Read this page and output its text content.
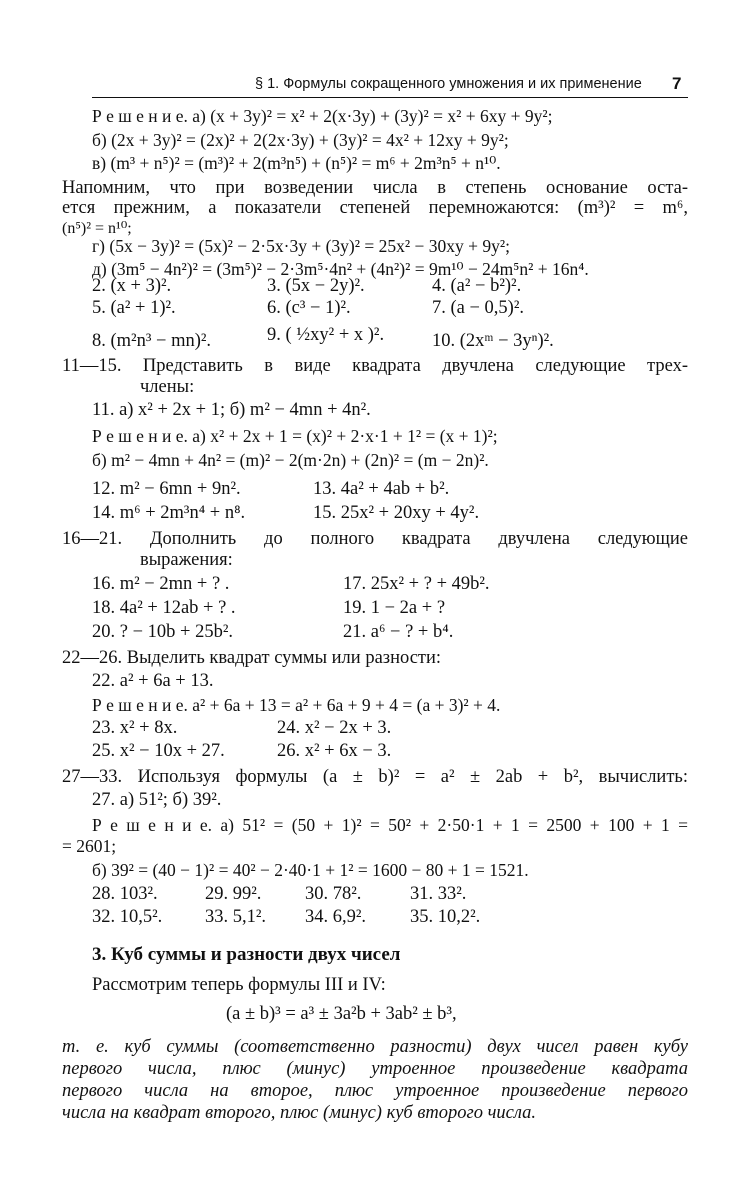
§ 1. Формулы сокращенного умножения и их применение 7
Р е ш е н и е. а) (x + 3y)² = x² + 2(x·3y) + (3y)² = x² + 6xy + 9y²;
б) (2x + 3y)² = (2x)² + 2(2x·3y) + (3y)² = 4x² + 12xy + 9y²;
в) (m³ + n⁵)² = (m³)² + 2(m³n⁵) + (n⁵)² = m⁶ + 2m³n⁵ + n¹⁰.
Напомним, что при возведении числа в степень основание оста-
ется прежним, а показатели степеней перемножаются: (m³)² = m⁶,
(n⁵)² = n¹⁰;
г) (5x − 3y)² = (5x)² − 2·5x·3y + (3y)² = 25x² − 30xy + 9y²;
д) (3m⁵ − 4n²)² = (3m⁵)² − 2·3m⁵·4n² + (4n²)² = 9m¹⁰ − 24m⁵n² + 16n⁴.
2. (x + 3)².	3. (5x − 2y)².	4. (a² − b²)².
5. (a² + 1)².	6. (c³ − 1)².	7. (a − 0,5)².
8. (m²n³ − mn)².	9. ( ½xy² + x )².	10. (2xᵐ − 3yⁿ)².
11—15. Представить в виде квадрата двучлена следующие трех-
члены:
11. а) x² + 2x + 1; б) m² − 4mn + 4n².
Р е ш е н и е. а) x² + 2x + 1 = (x)² + 2·x·1 + 1² = (x + 1)²;
б) m² − 4mn + 4n² = (m)² − 2(m·2n) + (2n)² = (m − 2n)².
12. m² − 6mn + 9n².	13. 4a² + 4ab + b².
14. m⁶ + 2m³n⁴ + n⁸.	15. 25x² + 20xy + 4y².
16—21. Дополнить до полного квадрата двучлена следующие
выражения:
16. m² − 2mn + ? .	17. 25x² + ? + 49b².
18. 4a² + 12ab + ? .	19. 1 − 2a + ?
20. ? − 10b + 25b².	21. a⁶ − ? + b⁴.
22—26. Выделить квадрат суммы или разности:
22. a² + 6a + 13.
Р е ш е н и е. a² + 6a + 13 = a² + 6a + 9 + 4 = (a + 3)² + 4.
23. x² + 8x.	24. x² − 2x + 3.
25. x² − 10x + 27.	26. x² + 6x − 3.
27—33. Используя формулы (a ± b)² = a² ± 2ab + b², вычислить:
27. а) 51²; б) 39².
Р е ш е н и е. а) 51² = (50 + 1)² = 50² + 2·50·1 + 1 = 2500 + 100 + 1 =
= 2601;
б) 39² = (40 − 1)² = 40² − 2·40·1 + 1² = 1600 − 80 + 1 = 1521.
28. 103².	29. 99². 30. 78².	31. 33².
32. 10,5². 33. 5,1². 34. 6,9². 35. 10,2².
3. Куб суммы и разности двух чисел
Рассмотрим теперь формулы III и IV:
(a ± b)³ = a³ ± 3a²b + 3ab² ± b³,
т. е. куб суммы (соответственно разности) двух чисел равен кубу
первого числа, плюс (минус) утроенное произведение квадрата
первого числа на второе, плюс утроенное произведение первого
числа на квадрат второго, плюс (минус) куб второго числа.
